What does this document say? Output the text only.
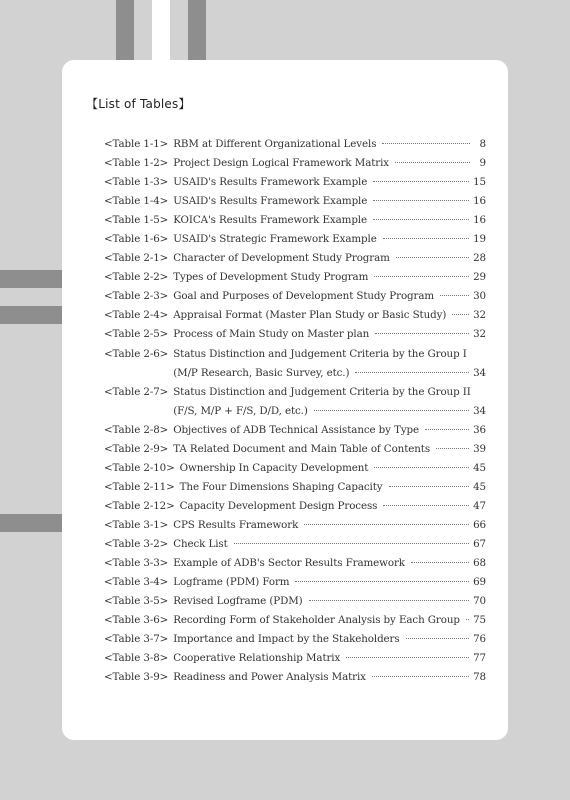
【List of Tables】
<Table 1-1> RBM at Different Organizational Levels	8
<Table 1-2> Project Design Logical Framework Matrix	9
<Table 1-3> USAID's Results Framework Example	15
<Table 1-4> USAID's Results Framework Example	16
<Table 1-5> KOICA's Results Framework Example	16
<Table 1-6> USAID's Strategic Framework Example	19
<Table 2-1> Character of Development Study Program	28
<Table 2-2> Types of Development Study Program	29
<Table 2-3> Goal and Purposes of Development Study Program	30
<Table 2-4> Appraisal Format (Master Plan Study or Basic Study)	32
<Table 2-5> Process of Main Study on Master plan	32
<Table 2-6> Status Distinction and Judgement Criteria by the Group I
(M/P Research, Basic Survey, etc.)	34
<Table 2-7> Status Distinction and Judgement Criteria by the Group II
(F/S, M/P + F/S, D/D, etc.)	34
<Table 2-8> Objectives of ADB Technical Assistance by Type	36
<Table 2-9> TA Related Document and Main Table of Contents	39
<Table 2-10> Ownership In Capacity Development	45
<Table 2-11> The Four Dimensions Shaping Capacity	45
<Table 2-12> Capacity Development Design Process	47
<Table 3-1> CPS Results Framework	66
<Table 3-2> Check List	67
<Table 3-3> Example of ADB's Sector Results Framework	68
<Table 3-4> Logframe (PDM) Form	69
<Table 3-5> Revised Logframe (PDM)	70
<Table 3-6> Recording Form of Stakeholder Analysis by Each Group 75
<Table 3-7> Importance and Impact by the Stakeholders	76
<Table 3-8> Cooperative Relationship Matrix	77
<Table 3-9> Readiness and Power Analysis Matrix	78
